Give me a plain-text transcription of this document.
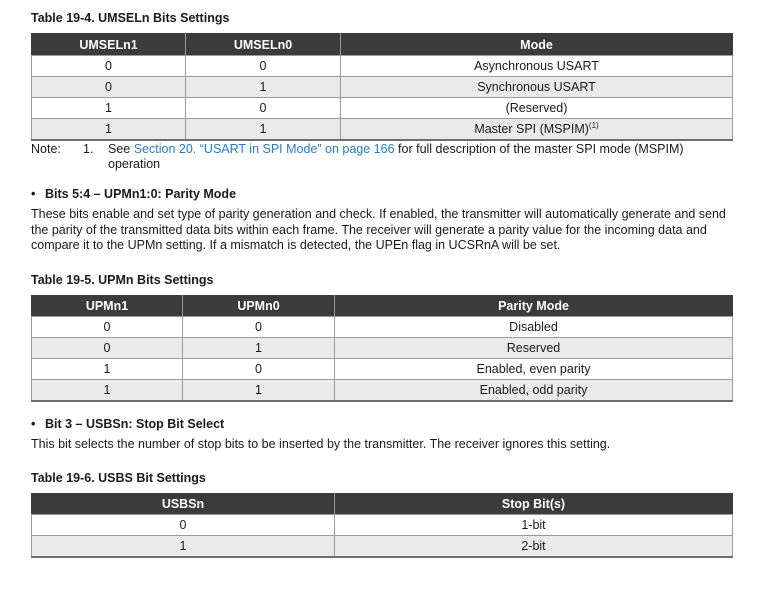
Table 19-4. UMSELn Bits Settings
UMSELn1	UMSELn0	Mode
0	0	Asynchronous USART
0	1	Synchronous USART
1	0	(Reserved)
1	1	Master SPI (MSPIM)$^{(1)}$
Note: 1. See Section 20. “USART in SPI Mode” on page 166 for full description of the master SPI mode (MSPIM)
operation
• Bits 5:4 – UPMn1:0: Parity Mode
These bits enable and set type of parity generation and check. If enabled, the transmitter will automatically generate and send the parity of the transmitted data bits within each frame. The receiver will generate a parity value for the incoming data and compare it to the UPMn setting. If a mismatch is detected, the UPEn flag in UCSRnA will be set.
Table 19-5. UPMn Bits Settings
UPMn1	UPMn0	Parity Mode
0	0	Disabled
0	1	Reserved
1	0	Enabled, even parity
1	1	Enabled, odd parity
• Bit 3 – USBSn: Stop Bit Select
This bit selects the number of stop bits to be inserted by the transmitter. The receiver ignores this setting.
Table 19-6. USBS Bit Settings
USBSn	Stop Bit(s)
0	1-bit
1	2-bit
